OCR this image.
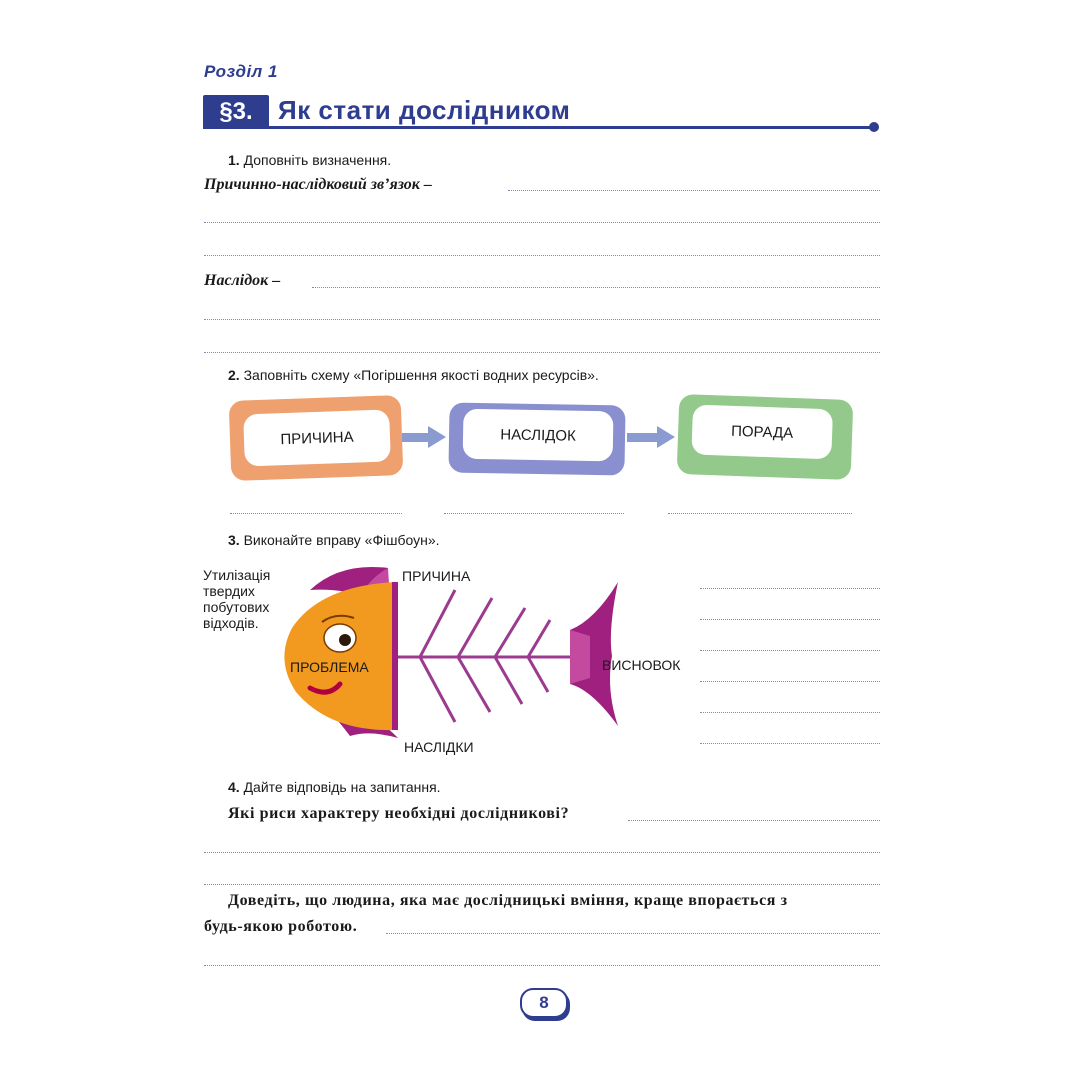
Розділ 1
§3. Як стати дослідником
1. Доповніть визначення.
Причинно-наслідковий зв’язок –
Наслідок –
2. Заповніть схему «Погіршення якості водних ресурсів».
ПРИЧИНА	НАСЛІДОК	ПОРАДА
3. Виконайте вправу «Фішбоун».
Утилізація
твердих
побутових
відходів.
ПРИЧИНА
ПРОБЛЕМА	ВИСНОВОК
НАСЛІДКИ
4. Дайте відповідь на запитання.
Які риси характеру необхідні дослідникові?
Доведіть, що людина, яка має дослідницькі вміння, краще впорається з
будь-якою роботою.
8
